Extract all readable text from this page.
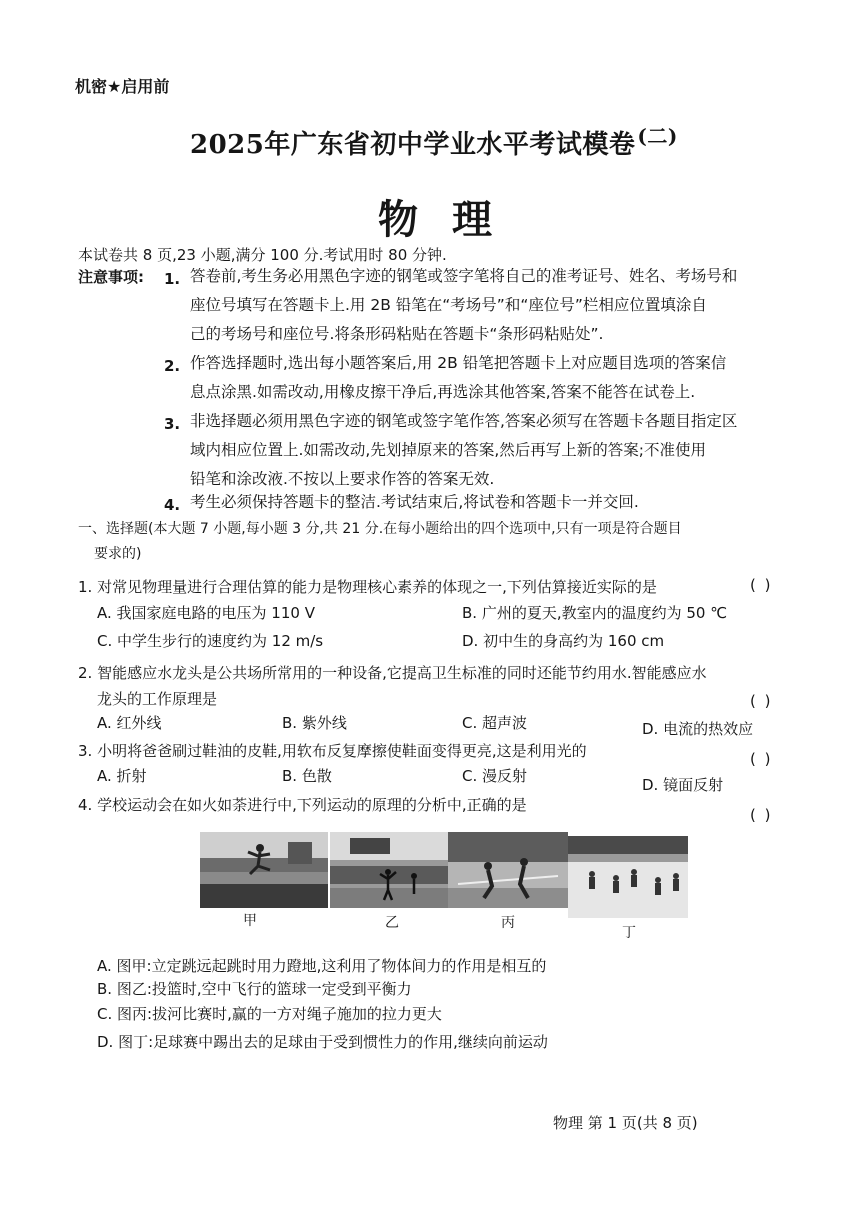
机密★启用前
2025年广东省初中学业水平考试模卷 $^{(二)}$
物理
本试卷共 8 页,23 小题,满分 100 分.考试用时 80 分钟.
注意事项: 1. 答卷前,考生务必用黑色字迹的钢笔或签字笔将自己的准考证号、姓名、考场号和
座位号填写在答题卡上.用 2B 铅笔在“考场号”和“座位号”栏相应位置填涂自
己的考场号和座位号.将条形码粘贴在答题卡“条形码粘贴处”.
2. 作答选择题时,选出每小题答案后,用 2B 铅笔把答题卡上对应题目选项的答案信
息点涂黑.如需改动,用橡皮擦干净后,再选涂其他答案,答案不能答在试卷上.
3. 非选择题必须用黑色字迹的钢笔或签字笔作答,答案必须写在答题卡各题目指定区
域内相应位置上.如需改动,先划掉原来的答案,然后再写上新的答案;不准使用
铅笔和涂改液.不按以上要求作答的答案无效.
4. 考生必须保持答题卡的整洁.考试结束后,将试卷和答题卡一并交回.
一、选择题(本大题 7 小题,每小题 3 分,共 21 分.在每小题给出的四个选项中,只有一项是符合题目
要求的)
1. 对常见物理量进行合理估算的能力是物理核心素养的体现之一,下列估算接近实际的是	( )
A. 我国家庭电路的电压为 110 V	B. 广州的夏天,教室内的温度约为 50 ℃
C. 中学生步行的速度约为 12 m/s	D. 初中生的身高约为 160 cm
2. 智能感应水龙头是公共场所常用的一种设备,它提高卫生标准的同时还能节约用水.智能感应水
龙头的工作原理是	( )
A. 红外线	B. 紫外线	C. 超声波	D. 电流的热效应
3. 小明将爸爸刷过鞋油的皮鞋,用软布反复摩擦使鞋面变得更亮,这是利用光的	( )
A. 折射	B. 色散	C. 漫反射	D. 镜面反射
4. 学校运动会在如火如荼进行中,下列运动的原理的分析中,正确的是
( )
甲	乙	丙
丁
A. 图甲:立定跳远起跳时用力蹬地,这利用了物体间力的作用是相互的
B. 图乙:投篮时,空中飞行的篮球一定受到平衡力
C. 图丙:拔河比赛时,赢的一方对绳子施加的拉力更大
D. 图丁:足球赛中踢出去的足球由于受到惯性力的作用,继续向前运动
物理 第 1 页(共 8 页)
